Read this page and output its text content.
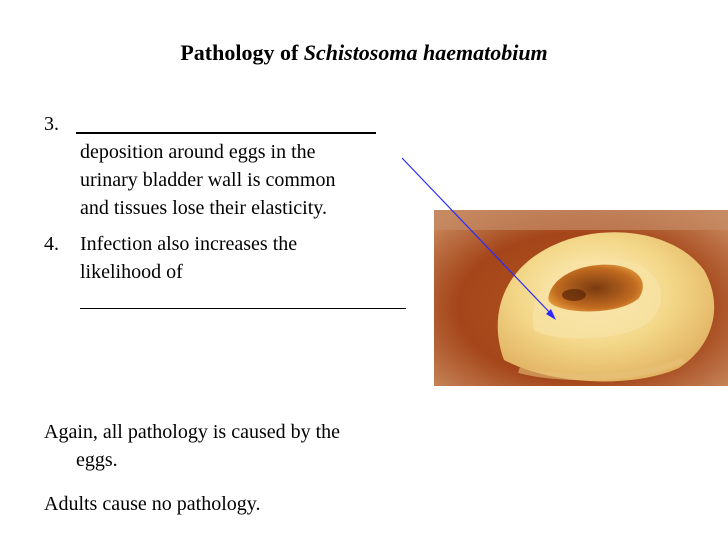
Pathology of Schistosoma haematobium
3.
deposition around eggs in the
urinary bladder wall is common
and tissues lose their elasticity.
4. Infection also increases the
likelihood of
Again, all pathology is caused by the
eggs.
Adults cause no pathology.
